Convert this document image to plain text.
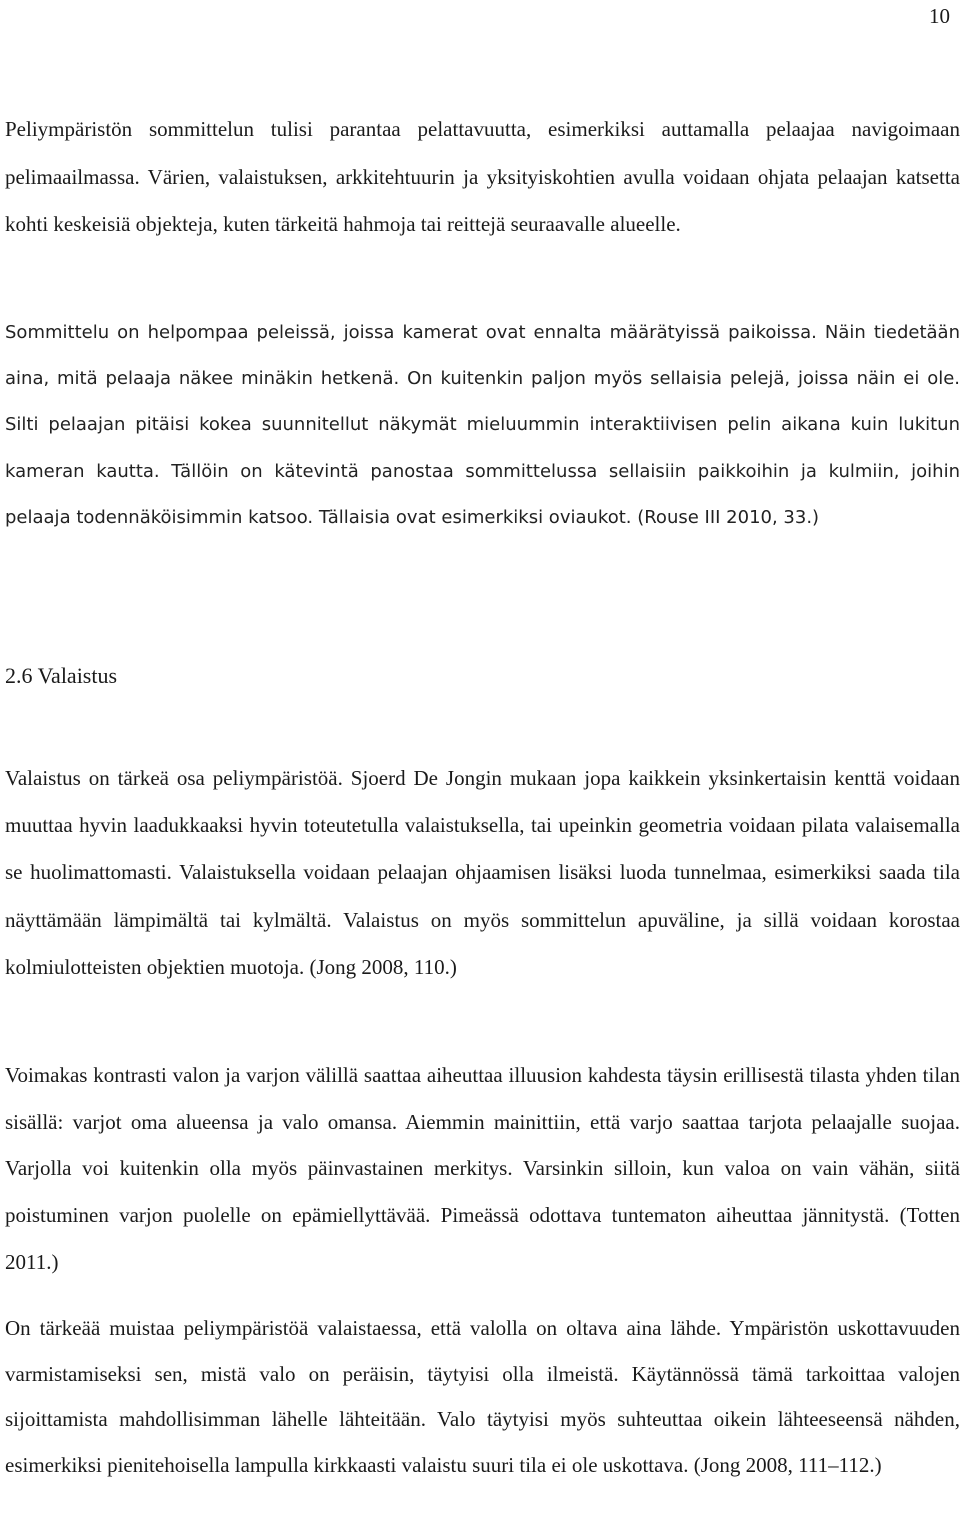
10

Peliympäristön sommittelun tulisi parantaa pelattavuutta, esimerkiksi auttamalla pelaajaa navigoimaan pelimaailmassa. Värien, valaistuksen, arkkitehtuurin ja yksityiskohtien avulla voidaan ohjata pelaajan katsetta kohti keskeisiä objekteja, kuten tärkeitä hahmoja tai reittejä seuraavalle alueelle.

Sommittelu on helpompaa peleissä, joissa kamerat ovat ennalta määrätyissä paikoissa. Näin tiedetään aina, mitä pelaaja näkee minäkin hetkenä. On kuitenkin paljon myös sellaisia pelejä, joissa näin ei ole. Silti pelaajan pitäisi kokea suunnitellut näkymät mieluummin interaktiivisen pelin aikana kuin lukitun kameran kautta. Tällöin on kätevintä panostaa sommittelussa sellaisiin paikkoihin ja kulmiin, joihin pelaaja todennäköisimmin katsoo. Tällaisia ovat esimerkiksi oviaukot. (Rouse III 2010, 33.)

2.6 Valaistus

Valaistus on tärkeä osa peliympäristöä. Sjoerd De Jongin mukaan jopa kaikkein yksinkertaisin kenttä voidaan muuttaa hyvin laadukkaaksi hyvin toteutetulla valaistuksella, tai upeinkin geometria voidaan pilata valaisemalla se huolimattomasti. Valaistuksella voidaan pelaajan ohjaamisen lisäksi luoda tunnelmaa, esimerkiksi saada tila näyttämään lämpimältä tai kylmältä. Valaistus on myös sommittelun apuväline, ja sillä voidaan korostaa kolmiulotteisten objektien muotoja. (Jong 2008, 110.)

Voimakas kontrasti valon ja varjon välillä saattaa aiheuttaa illuusion kahdesta täysin erillisestä tilasta yhden tilan sisällä: varjot oma alueensa ja valo omansa. Aiemmin mainittiin, että varjo saattaa tarjota pelaajalle suojaa. Varjolla voi kuitenkin olla myös päinvastainen merkitys. Varsinkin silloin, kun valoa on vain vähän, siitä poistuminen varjon puolelle on epämiellyttävää. Pimeässä odottava tuntematon aiheuttaa jännitystä. (Totten 2011.)

On tärkeää muistaa peliympäristöä valaistaessa, että valolla on oltava aina lähde. Ympäristön uskottavuuden varmistamiseksi sen, mistä valo on peräisin, täytyisi olla ilmeistä. Käytännössä tämä tarkoittaa valojen sijoittamista mahdollisimman lähelle lähteitään. Valo täytyisi myös suhteuttaa oikein lähteeseensä nähden, esimerkiksi pienitehoisella lampulla kirkkaasti valaistu suuri tila ei ole uskottava. (Jong 2008, 111–112.)
